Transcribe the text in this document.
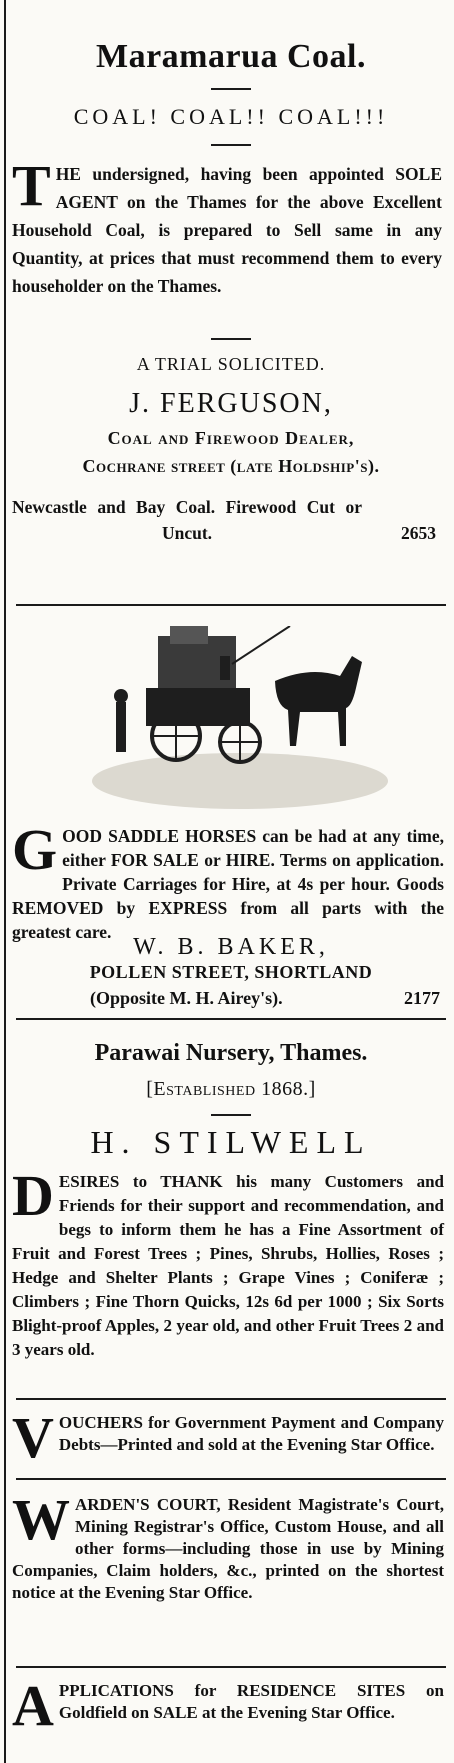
Maramarua Coal.
COAL! COAL!! COAL!!!
T HE undersigned, having been appointed SOLE AGENT on the Thames for the above Excellent Household Coal, is prepared to Sell same in any Quantity, at prices that must recommend them to every householder on the Thames.
A TRIAL SOLICITED.
J. FERGUSON,
Coal and Firewood Dealer,
Cochrane street (late Holdship's).
Newcastle and Bay Coal. Firewood Cut or Uncut.	2653
G OOD SADDLE HORSES can be had at any time, either FOR SALE or HIRE. Terms on application. Private Carriages for Hire, at 4s per hour. Goods REMOVED by EXPRESS from all parts with the greatest care.
W. B. BAKER,
POLLEN STREET, SHORTLAND
(Opposite M. H. Airey's).	2177
Parawai Nursery, Thames.
[Established 1868.]
H. STILWELL
D ESIRES to THANK his many Customers and Friends for their support and recommendation, and begs to inform them he has a Fine Assortment of Fruit and Forest Trees ; Pines, Shrubs, Hollies, Roses ; Hedge and Shelter Plants ; Grape Vines ; Coniferæ ; Climbers ; Fine Thorn Quicks, 12s 6d per 1000 ; Six Sorts Blight-proof Apples, 2 year old, and other Fruit Trees 2 and 3 years old.
V OUCHERS for Government Payment and Company Debts—Printed and sold at the Evening Star Office.
W ARDEN'S COURT, Resident Magistrate's Court, Mining Registrar's Office, Custom House, and all other forms—including those in use by Mining Companies, Claim holders, &c., printed on the shortest notice at the Evening Star Office.
A PPLICATIONS for RESIDENCE SITES on Goldfield on SALE at the Evening Star Office.
